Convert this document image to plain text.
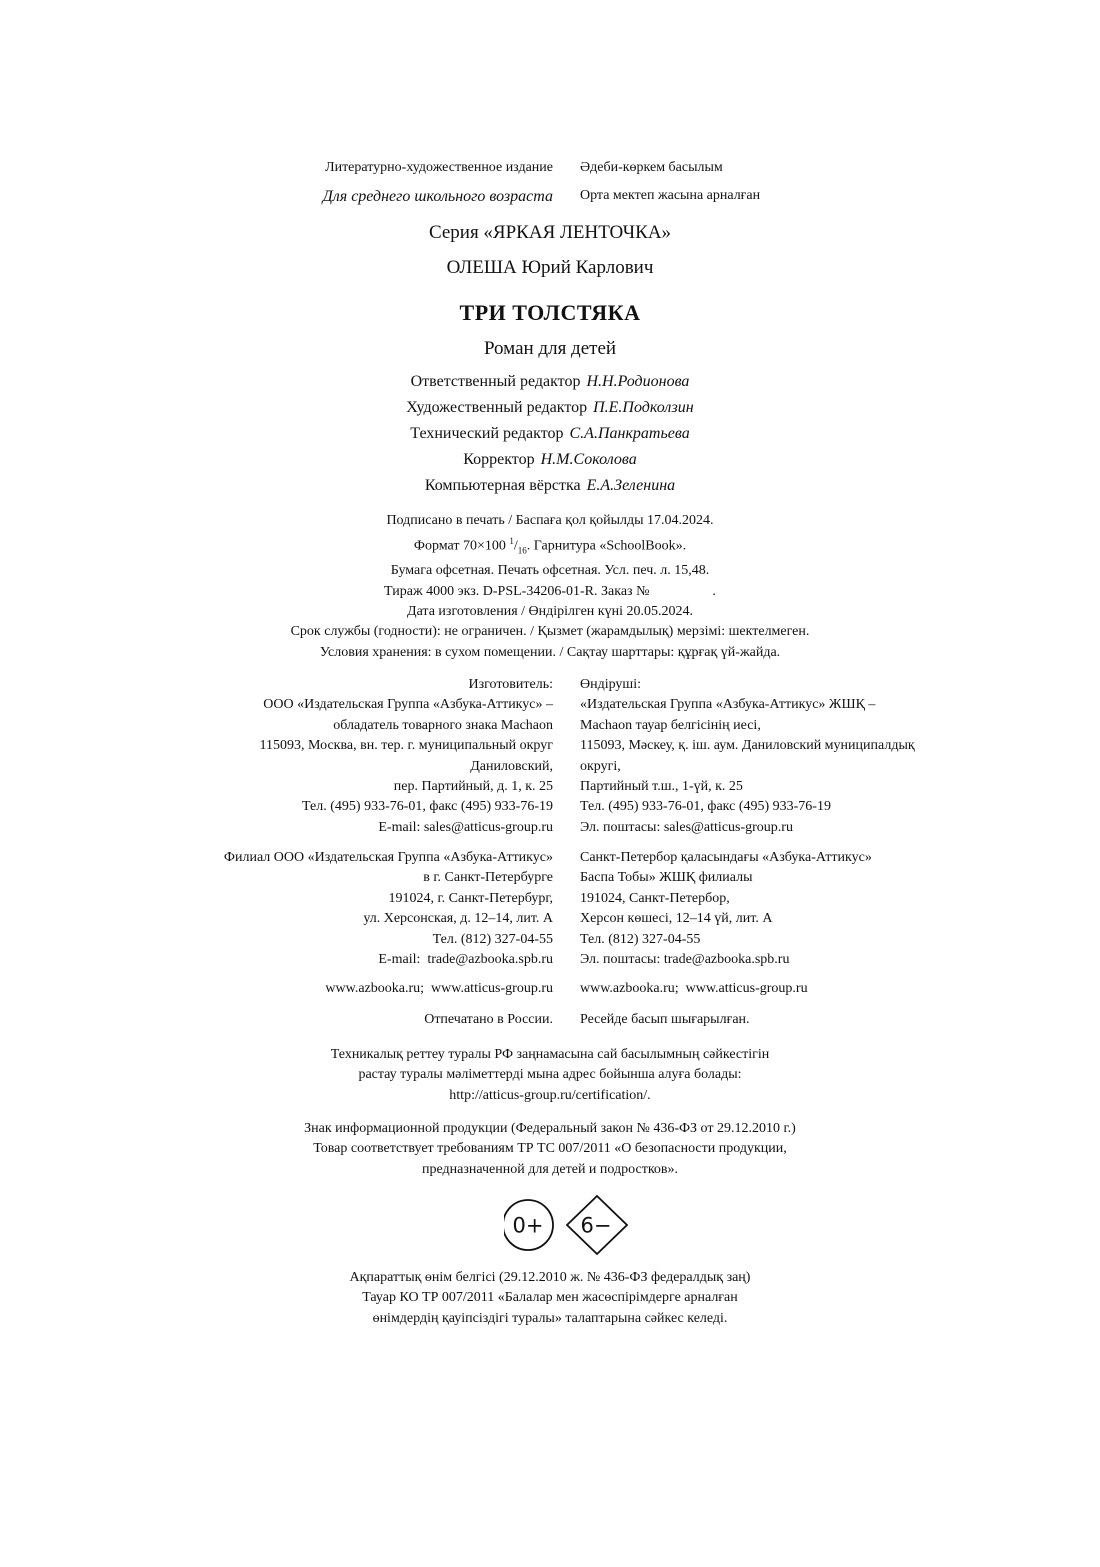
Литературно-художественное издание Әдеби-көркем басылым
Для среднего школьного возраста Орта мектеп жасына арналған
Серия «ЯРКАЯ ЛЕНТОЧКА»
ОЛЕША Юрий Карлович
ТРИ ТОЛСТЯКА
Роман для детей
Ответственный редактор Н.Н.Родионова
Художественный редактор П.Е.Подколзин
Технический редактор С.А.Панкратьева
Корректор Н.М.Соколова
Компьютерная вёрстка Е.А.Зеленина
Подписано в печать / Баспаға қол қойылды 17.04.2024.
Формат 70×100 $^1/_{16}$. Гарнитура «SchoolBook».
Бумага офсетная. Печать офсетная. Усл. печ. л. 15,48.
Тираж 4000 экз. D-PSL-34206-01-R. Заказ №                  .
Дата изготовления / Өндірілген күні 20.05.2024.
Срок службы (годности): не ограничен. / Қызмет (жарамдылық) мерзімі: шектелмеген.
Условия хранения: в сухом помещении. / Сақтау шарттары: құрғақ үй-жайда.
Изготовитель:
ООО «Издательская Группа «Азбука-Аттикус» –
обладатель товарного знака Machaon
115093, Москва, вн. тер. г. муниципальный округ
Даниловский,
пер. Партийный, д. 1, к. 25
Тел. (495) 933-76-01, факс (495) 933-76-19
E-mail: sales@atticus-group.ru
Өндіруші:
«Издательская Группа «Азбука-Аттикус» ЖШҚ –
Machaon тауар белгісінің иесі,
115093, Мәскеу, қ. іш. аум. Даниловский муниципалдық
округі,
Партийный т.ш., 1-үй, к. 25
Тел. (495) 933-76-01, факс (495) 933-76-19
Эл. поштасы: sales@atticus-group.ru
Филиал ООО «Издательская Группа «Азбука-Аттикус»
в г. Санкт-Петербурге
191024, г. Санкт-Петербург,
ул. Херсонская, д. 12–14, лит. А
Тел. (812) 327-04-55
E-mail:  trade@azbooka.spb.ru
Санкт-Петербор қаласындағы «Азбука-Аттикус»
Баспа Тобы» ЖШҚ филиалы
191024, Санкт-Петербор,
Херсон көшесі, 12–14 үй, лит. А
Тел. (812) 327-04-55
Эл. поштасы: trade@azbooka.spb.ru
www.azbooka.ru;  www.atticus-group.ru www.azbooka.ru;  www.atticus-group.ru
Отпечатано в России. Ресейде басып шығарылған.
Техникалық реттеу туралы РФ заңнамасына сай басылымның сәйкестігін
растау туралы мәліметтерді мына адрес бойынша алуға болады:
http://atticus-group.ru/certification/.
Знак информационной продукции (Федеральный закон № 436-ФЗ от 29.12.2010 г.)
Товар соответствует требованиям ТР ТС 007/2011 «О безопасности продукции,
предназначенной для детей и подростков».
0+ 6−
Ақпараттық өнім белгісі (29.12.2010 ж. № 436-ФЗ федералдық заң)
Тауар КО ТР 007/2011 «Балалар мен жасөспірімдерге арналған
өнімдердің қауіпсіздігі туралы» талаптарына сәйкес келеді.
